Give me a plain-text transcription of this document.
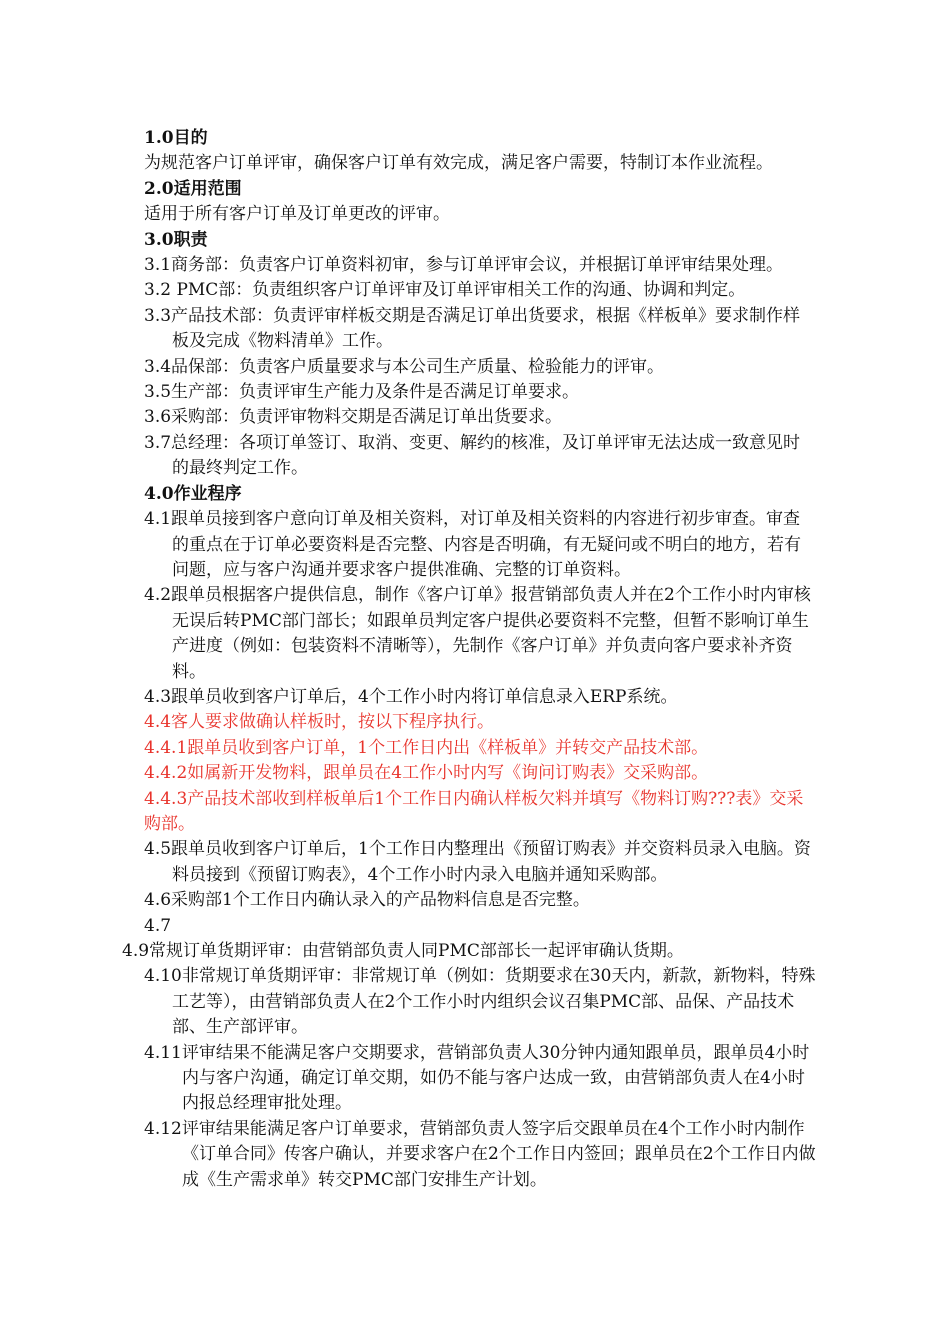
1.0目的

为规范客户订单评审，确保客户订单有效完成，满足客户需要，特制订本作业流程。

2.0适用范围

适用于所有客户订单及订单更改的评审。

3.0职责

3.1商务部：负责客户订单资料初审，参与订单评审会议，并根据订单评审结果处理。

3.2 PMC部：负责组织客户订单评审及订单评审相关工作的沟通、协调和判定。

3.3产品技术部：负责评审样板交期是否满足订单出货要求，根据《样板单》要求制作样板及完成《物料清单》工作。

3.4品保部：负责客户质量要求与本公司生产质量、检验能力的评审。

3.5生产部：负责评审生产能力及条件是否满足订单要求。

3.6采购部：负责评审物料交期是否满足订单出货要求。

3.7总经理：各项订单签订、取消、变更、解约的核准，及订单评审无法达成一致意见时的最终判定工作。

4.0作业程序

4.1跟单员接到客户意向订单及相关资料，对订单及相关资料的内容进行初步审查。审查的重点在于订单必要资料是否完整、内容是否明确，有无疑问或不明白的地方，若有问题，应与客户沟通并要求客户提供准确、完整的订单资料。

4.2跟单员根据客户提供信息，制作《客户订单》报营销部负责人并在2个工作小时内审核无误后转PMC部门部长；如跟单员判定客户提供必要资料不完整，但暂不影响订单生产进度（例如：包装资料不清晰等），先制作《客户订单》并负责向客户要求补齐资料。

4.3跟单员收到客户订单后，4个工作小时内将订单信息录入ERP系统。

4.4客人要求做确认样板时，按以下程序执行。

4.4.1跟单员收到客户订单，1个工作日内出《样板单》并转交产品技术部。

4.4.2如属新开发物料，跟单员在4工作小时内写《询问订购表》交采购部。

4.4.3产品技术部收到样板单后1个工作日内确认样板欠料并填写《物料订购???表》交采购部。

4.5跟单员收到客户订单后，1个工作日内整理出《预留订购表》并交资料员录入电脑。资料员接到《预留订购表》，4个工作小时内录入电脑并通知采购部。

4.6采购部1个工作日内确认录入的产品物料信息是否完整。

4.7

4.9常规订单货期评审：由营销部负责人同PMC部部长一起评审确认货期。

4.10非常规订单货期评审：非常规订单（例如：货期要求在30天内，新款，新物料，特殊工艺等），由营销部负责人在2个工作小时内组织会议召集PMC部、品保、产品技术部、生产部评审。

4.11评审结果不能满足客户交期要求，营销部负责人30分钟内通知跟单员，跟单员4小时内与客户沟通，确定订单交期，如仍不能与客户达成一致，由营销部负责人在4小时内报总经理审批处理。

4.12评审结果能满足客户订单要求，营销部负责人签字后交跟单员在4个工作小时内制作《订单合同》传客户确认，并要求客户在2个工作日内签回；跟单员在2个工作日内做成《生产需求单》转交PMC部门安排生产计划。
